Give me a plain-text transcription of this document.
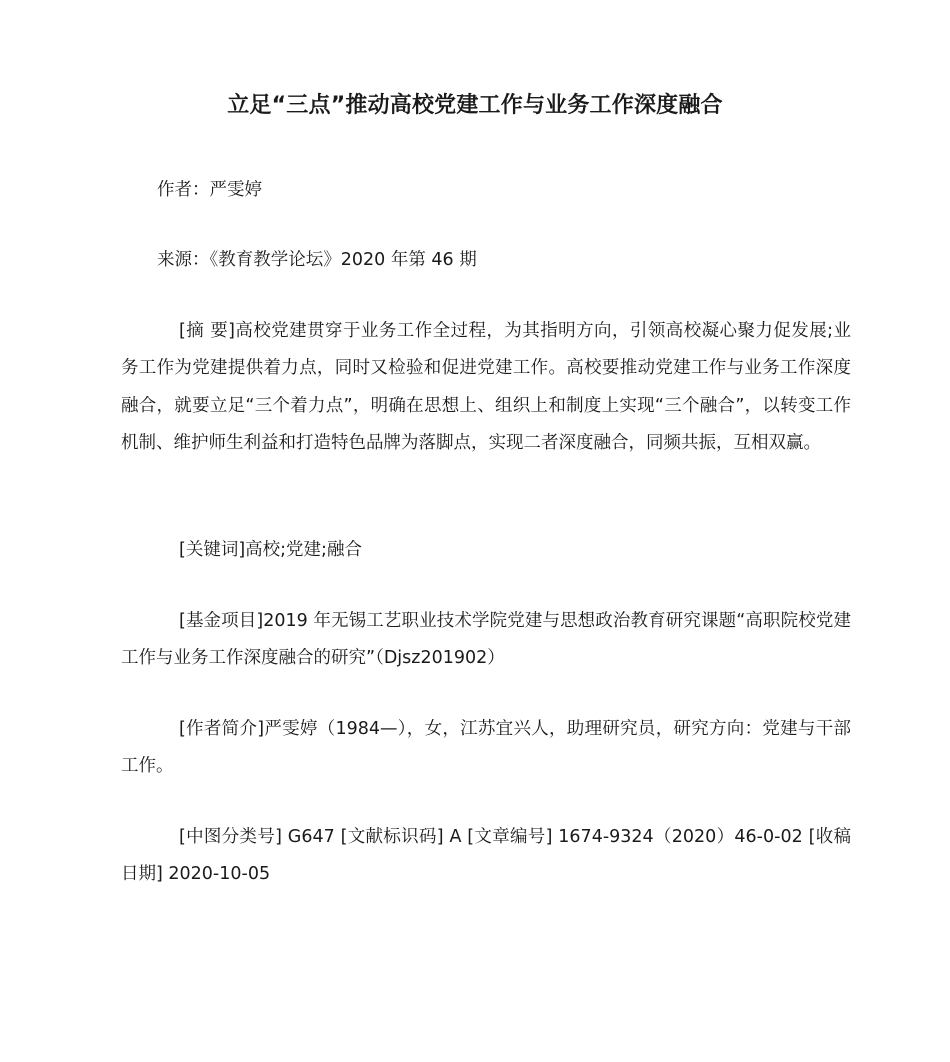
立足“三点”推动高校党建工作与业务工作深度融合
作者：严雯婷
来源：《教育教学论坛》2020 年第 46 期
[摘 要]高校党建贯穿于业务工作全过程，为其指明方向，引领高校凝心聚力促发展;业务工作为党建提供着力点，同时又检验和促进党建工作。高校要推动党建工作与业务工作深度融合，就要立足“三个着力点”，明确在思想上、组织上和制度上实现“三个融合”，以转变工作机制、维护师生利益和打造特色品牌为落脚点，实现二者深度融合，同频共振，互相双赢。
[关键词]高校;党建;融合
[基金项目]2019 年无锡工艺职业技术学院党建与思想政治教育研究课题“高职院校党建工作与业务工作深度融合的研究”（Djsz201902）
[作者简介]严雯婷（1984—），女，江苏宜兴人，助理研究员，研究方向：党建与干部工作。
[中图分类号] G647 [文献标识码] A [文章编号] 1674-9324（2020）46-0-02 [收稿日期] 2020-10-05
